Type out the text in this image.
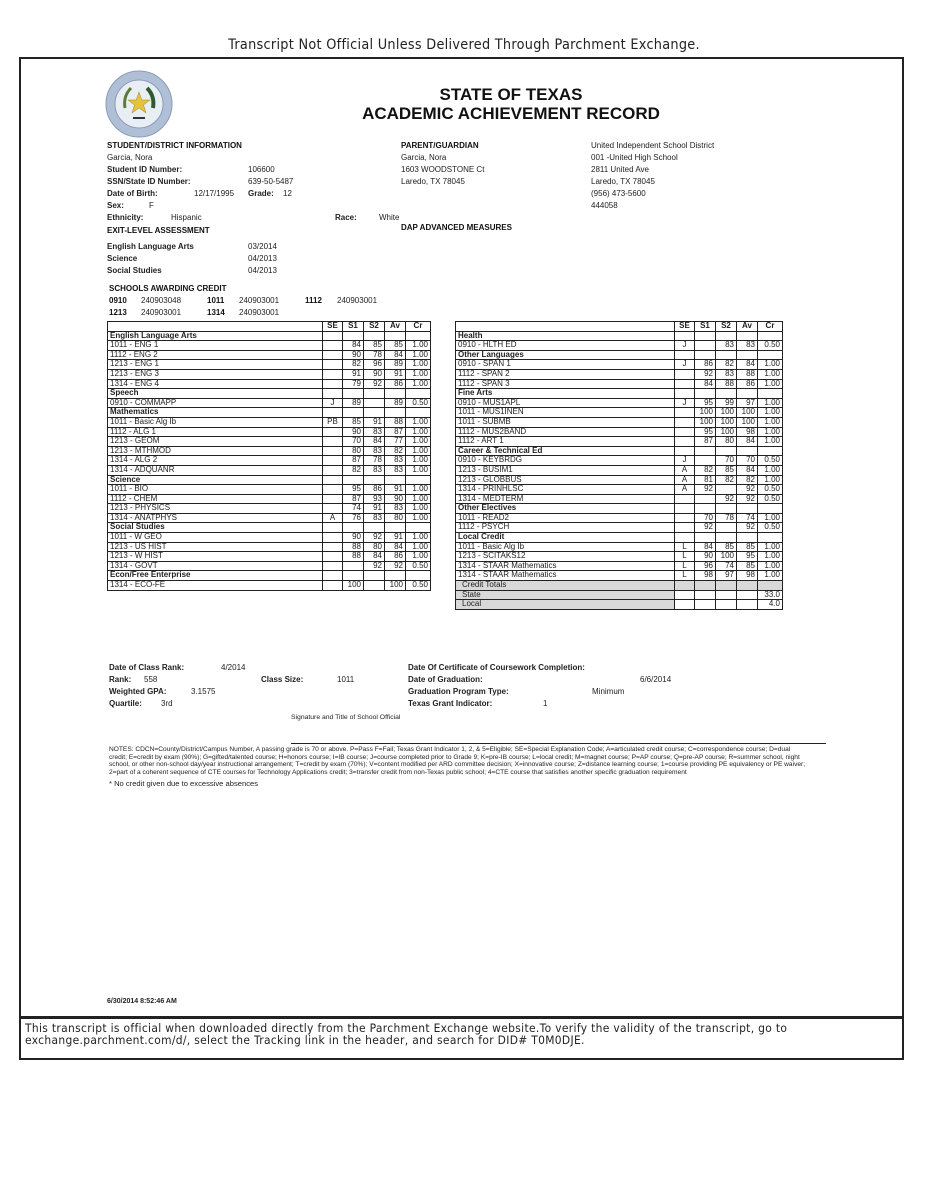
Transcript Not Official Unless Delivered Through Parchment Exchange.
STATE OF TEXAS
ACADEMIC ACHIEVEMENT RECORD
STUDENT/DISTRICT INFORMATION
Garcia, Nora
Student ID Number:	106600
SSN/State ID Number:	639-50-5487
Date of Birth:	12/17/1995 Grade: 12
Sex:	F
Ethnicity:	Hispanic	Race:	White
PARENT/GUARDIAN
Garcia, Nora
1603 WOODSTONE Ct
Laredo, TX 78045
United Independent School District
001 -United High School
2811 United Ave
Laredo, TX 78045
(956) 473-5600
444058
EXIT-LEVEL ASSESSMENT	DAP ADVANCED MEASURES
English Language Arts	03/2014
Science	04/2013
Social Studies	04/2013
SCHOOLS AWARDING CREDIT
0910 240903048	1011 240903001	1112 240903001
1213 240903001	1314 240903001
	SE	S1	S2	Av	Cr
English Language Arts					
1011 - ENG 1		84	85	85	1.00
1112 - ENG 2		90	78	84	1.00
1213 - ENG 1		82	96	89	1.00
1213 - ENG 3		91	90	91	1.00
1314 - ENG 4		79	92	86	1.00
Speech					
0910 - COMMAPP	J	89		89	0.50
Mathematics					
1011 - Basic Alg Ib	PB	85	91	88	1.00
1112 - ALG 1		90	83	87	1.00
1213 - GEOM		70	84	77	1.00
1213 - MTHMOD		80	83	82	1.00
1314 - ALG 2		87	78	83	1.00
1314 - ADQUANR		82	83	83	1.00
Science					
1011 - BIO		95	86	91	1.00
1112 - CHEM		87	93	90	1.00
1213 - PHYSICS		74	91	83	1.00
1314 - ANATPHYS	A	76	83	80	1.00
Social Studies					
1011 - W GEO		90	92	91	1.00
1213 - US HIST		88	80	84	1.00
1213 - W HIST		88	84	86	1.00
1314 - GOVT			92	92	0.50
Econ/Free Enterprise					
1314 - ECO-FE		100		100	0.50
	SE	S1	S2	Av	Cr
Health					
0910 - HLTH ED	J		83	83	0.50
Other Languages					
0910 - SPAN 1	J	86	82	84	1.00
1112 - SPAN 2		92	83	88	1.00
1112 - SPAN 3		84	88	86	1.00
Fine Arts					
0910 - MUS1APL	J	95	99	97	1.00
1011 - MUS1INEN		100	100	100	1.00
1011 - SUBMB		100	100	100	1.00
1112 - MUS2BAND		95	100	98	1.00
1112 - ART 1		87	80	84	1.00
Career & Technical Ed					
0910 - KEYBRDG	J		70	70	0.50
1213 - BUSIM1	A	82	85	84	1.00
1213 - GLOBBUS	A	81	82	82	1.00
1314 - PRINHLSC	A	92		92	0.50
1314 - MEDTERM			92	92	0.50
Other Electives					
1011 - READ2		70	78	74	1.00
1112 - PSYCH		92		92	0.50
Local Credit					
1011 - Basic Alg Ib	L	84	85	85	1.00
1213 - SCITAKS12	L	90	100	95	1.00
1314 - STAAR Mathematics	L	96	74	85	1.00
1314 - STAAR Mathematics	L	98	97	98	1.00
Credit Totals					
State					33.0
Local					4.0
Date of Class Rank:	4/2014
Rank: 558	Class Size:	1011
Weighted GPA:	3.1575
Quartile: 3rd
Date Of Certificate of Coursework Completion:
Date of Graduation:	6/6/2014
Graduation Program Type:	Minimum
Texas Grant Indicator:	1
Signature and Title of School Official
NOTES: CDCN=County/District/Campus Number, A passing grade is 70 or above. P=Pass F=Fail; Texas Grant Indicator 1, 2, & 5=Eligible; SE=Special Explanation Code; A=articulated credit course; C=correspondence course; D=dual credit; E=credit by exam (90%); G=gifted/talented course; H=honors course; I=IB course; J=course completed prior to Grade 9; K=pre-IB course; L=local credit; M=magnet course; P=AP course; Q=pre-AP course; R=summer school, night school, or other non-school day/year instructional arrangement; T=credit by exam (70%); V=content modified per ARD committee decision; X=innovative course; Z=distance learning course; 1=course providing PE equivalency or PE waiver; 2=part of a coherent sequence of CTE courses for Technology Applications credit; 3=transfer credit from non-Texas public school; 4=CTE course that satisfies another specific graduation requirement
* No credit given due to excessive absences
6/30/2014 8:52:46 AM
This transcript is official when downloaded directly from the Parchment Exchange website.To verify the validity of the transcript, go to exchange.parchment.com/d/, select the Tracking link in the header, and search for DID# T0M0DJE.
